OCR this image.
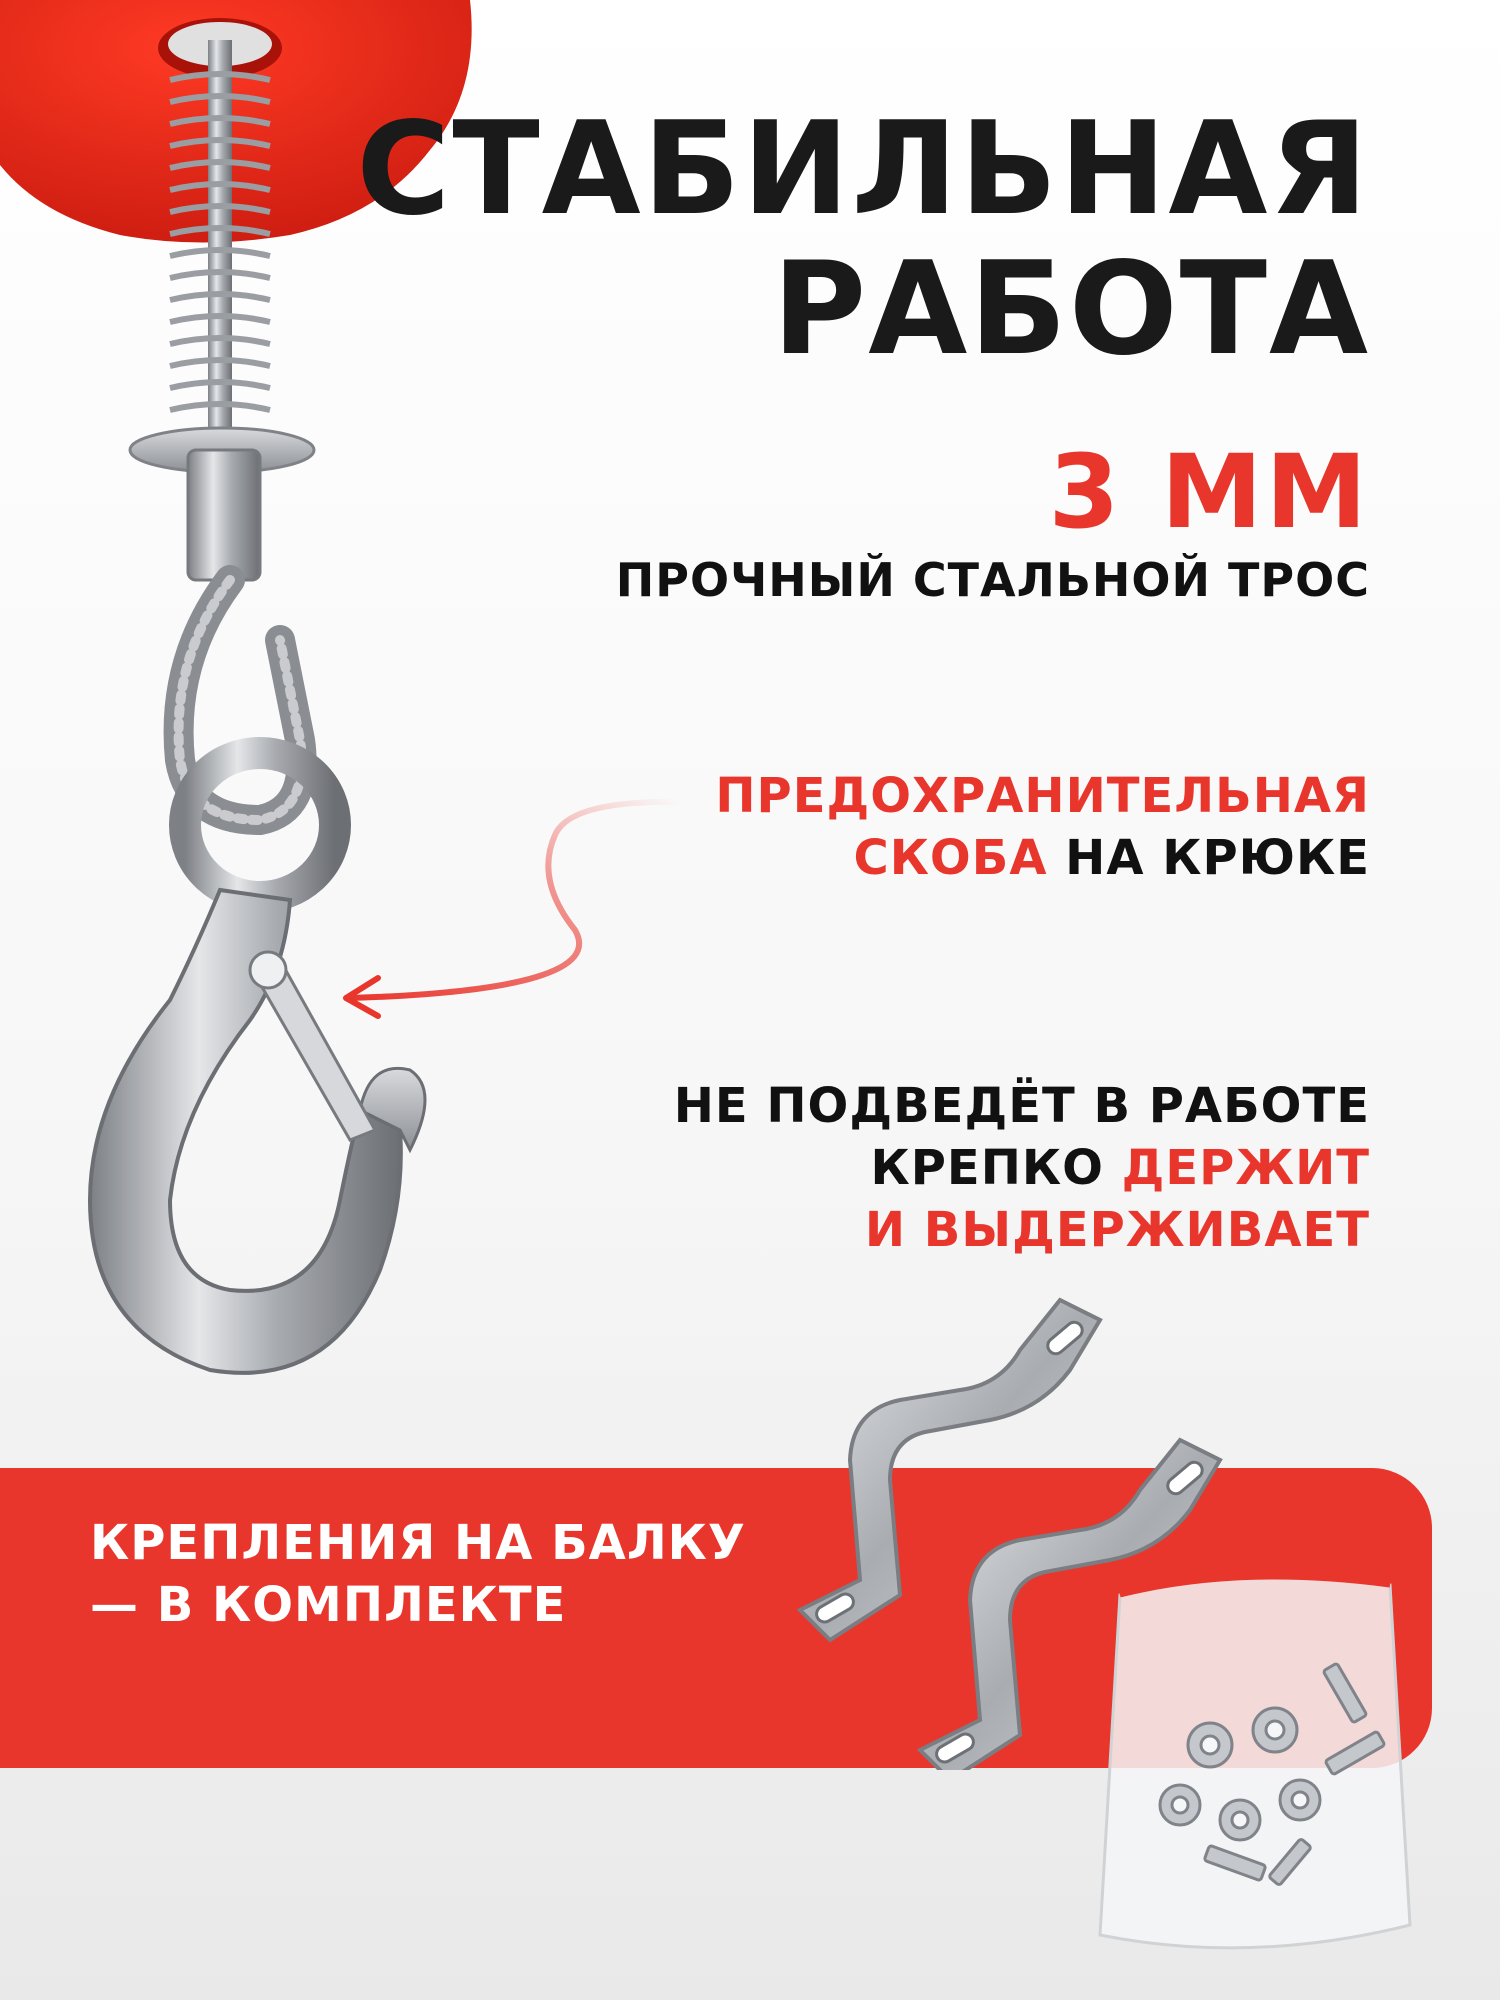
СТАБИЛЬНАЯ
РАБОТА
3 ММ
ПРОЧНЫЙ СТАЛЬНОЙ ТРОС
ПРЕДОХРАНИТЕЛЬНАЯ
СКОБА НА КРЮКЕ
НЕ ПОДВЕДЁТ В РАБОТЕ
КРЕПКО ДЕРЖИТ
И ВЫДЕРЖИВАЕТ
КРЕПЛЕНИЯ НА БАЛКУ
— В КОМПЛЕКТЕ
